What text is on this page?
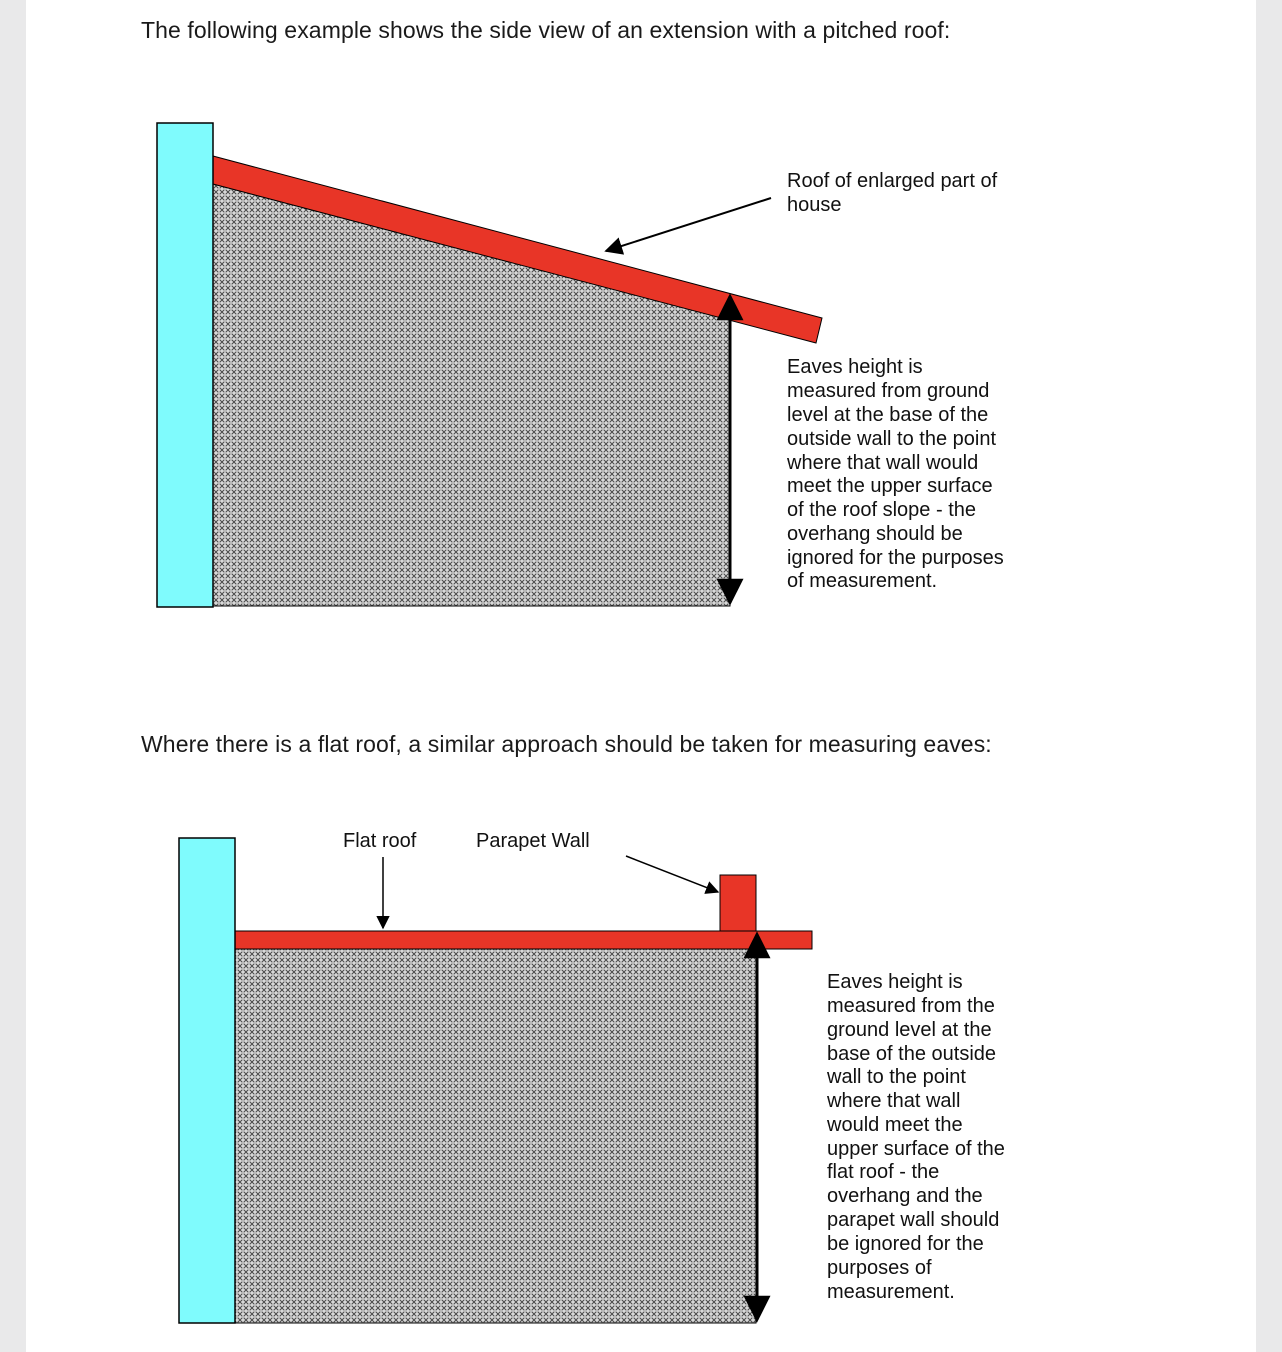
The following example shows the side view of an extension with a pitched roof:

Where there is a flat roof, a similar approach should be taken for measuring eaves:

Roof of enlarged part of house
Eaves height is measured from ground level at the base of the outside wall to the point where that wall would meet the upper surface of the roof slope - the overhang should be ignored for the purposes of measurement.
Flat roof	Parapet Wall
Eaves height is measured from the ground level at the base of the outside wall to the point where that wall would meet the upper surface of the flat roof - the overhang and the parapet wall should be ignored for the purposes of measurement.
